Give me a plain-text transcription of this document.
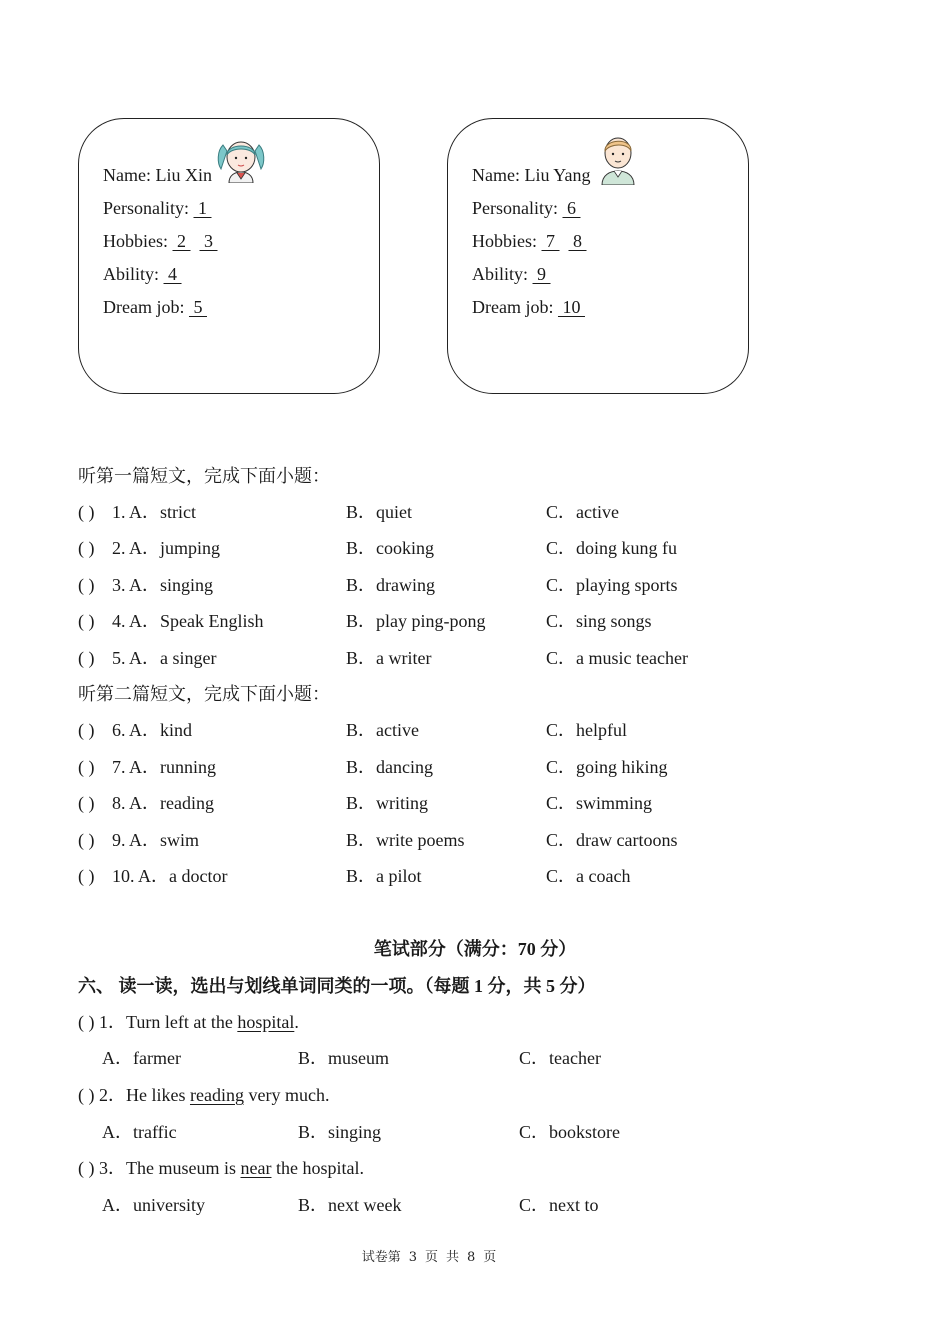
Name: Liu Xin
Personality:  1
Hobbies:  2    3
Ability:  4
Dream job:  5
Name: Liu Yang
Personality:  6
Hobbies:  7    8
Ability:  9
Dream job:  10
听第一篇短文，完成下面小题：
( ) 1. A．strict	B．quiet	C．active
( ) 2. A．jumping	B．cooking	C．doing kung fu
( ) 3. A．singing	B．drawing	C．playing sports
( ) 4. A．Speak English	B．play ping-pong	C．sing songs
( ) 5. A．a singer	B．a writer	C．a music teacher
听第二篇短文，完成下面小题：
( ) 6. A．kind	B．active	C．helpful
( ) 7. A．running	B．dancing	C．going hiking
( ) 8. A．reading	B．writing	C．swimming
( ) 9. A．swim	B．write poems	C．draw cartoons
( ) 10. A．a doctor	B．a pilot	C．a coach
笔试部分（满分：70 分）
六、 读一读，选出与划线单词同类的一项。（每题 1 分，共 5 分）
( ) 1．Turn left at the hospital.
A．farmer	B．museum	C．teacher
( ) 2．He likes reading very much.
A．traffic	B．singing	C．bookstore
( ) 3．The museum is near the hospital.
A．university	B．next week	C．next to
试卷第 3 页 共 8 页
